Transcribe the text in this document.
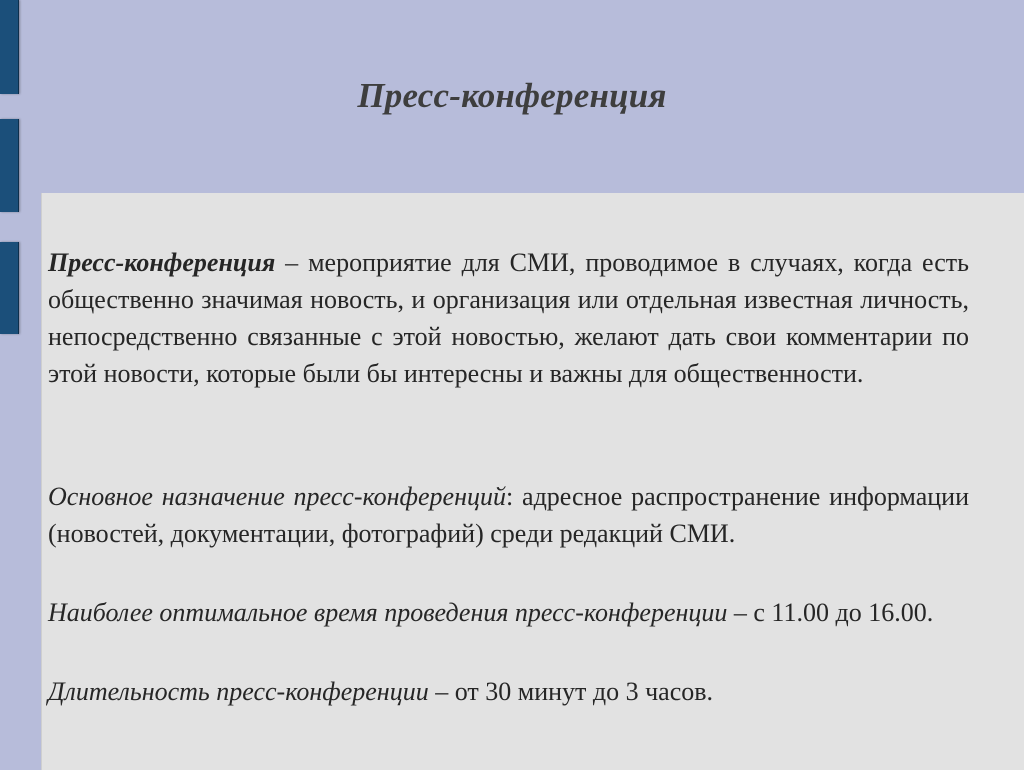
Пресс-конференция
Пресс-конференция – мероприятие для СМИ, проводимое в случаях, когда есть общественно значимая новость, и организация или отдельная известная личность, непосредственно связанные с этой новостью, желают дать свои комментарии по этой новости, которые были бы интересны и важны для общественности.
Основное назначение пресс-конференций: адресное распространение информации (новостей, документации, фотографий) среди редакций СМИ.
Наиболее оптимальное время проведения пресс-конференции – с 11.00 до 16.00.
Длительность пресс-конференции – от 30 минут до 3 часов.
